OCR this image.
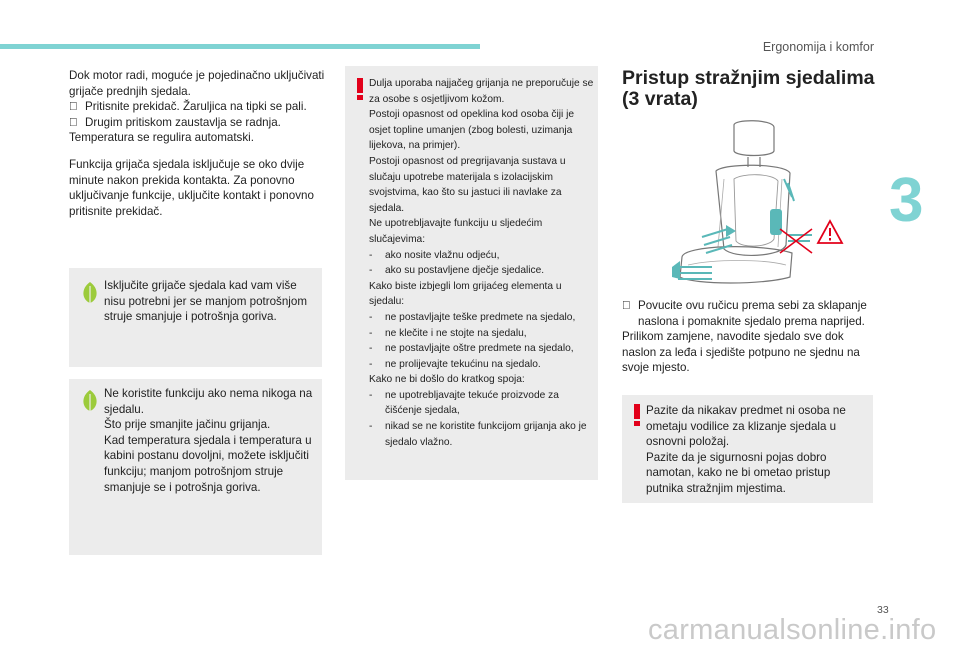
Ergonomija i komfor
3

Dok motor radi, moguće je pojedinačno uključivati grijače prednjih sjedala.

Pritisnite prekidač. Žaruljica na tipki se pali.

Drugim pritiskom zaustavlja se radnja.

Temperatura se regulira automatski.

Funkcija grijača sjedala isključuje se oko dvije minute nakon prekida kontakta. Za ponovno uključivanje funkcije, uključite kontakt i ponovno pritisnite prekidač.

Isključite grijače sjedala kad vam više nisu potrebni jer se manjom potrošnjom struje smanjuje i potrošnja goriva.

Ne koristite funkciju ako nema nikoga na sjedalu.

Što prije smanjite jačinu grijanja.

Kad temperatura sjedala i temperatura u kabini postanu dovoljni, možete isključiti funkciju; manjom potrošnjom struje smanjuje se i potrošnja goriva.

Dulja uporaba najjačeg grijanja ne preporučuje se za osobe s osjetljivom kožom.

Postoji opasnost od opeklina kod osoba čiji je osjet topline umanjen (zbog bolesti, uzimanja lijekova, na primjer).

Postoji opasnost od pregrijavanja sustava u slučaju upotrebe materijala s izolacijskim svojstvima, kao što su jastuci ili navlake za sjedala.

Ne upotrebljavajte funkciju u sljedećim slučajevima:

- ako nosite vlažnu odjeću,

- ako su postavljene dječje sjedalice.

Kako biste izbjegli lom grijaćeg elementa u sjedalu:

- ne postavljajte teške predmete na sjedalo,

- ne klečite i ne stojte na sjedalu,

- ne postavljajte oštre predmete na sjedalo,

- ne prolijevajte tekućinu na sjedalo.

Kako ne bi došlo do kratkog spoja:

- ne upotrebljavajte tekuće proizvode za čišćenje sjedala,

- nikad se ne koristite funkcijom grijanja ako je sjedalo vlažno.

Pristup stražnjim sjedalima (3 vrata)

Povucite ovu ručicu prema sebi za sklapanje naslona i pomaknite sjedalo prema naprijed.

Prilikom zamjene, navodite sjedalo sve dok naslon za leđa i sjedište potpuno ne sjednu na svoje mjesto.

Pazite da nikakav predmet ni osoba ne ometaju vodilice za klizanje sjedala u osnovni položaj.

Pazite da je sigurnosni pojas dobro namotan, kako ne bi ometao pristup putnika stražnjim mjestima.

33
carmanualsonline.info
